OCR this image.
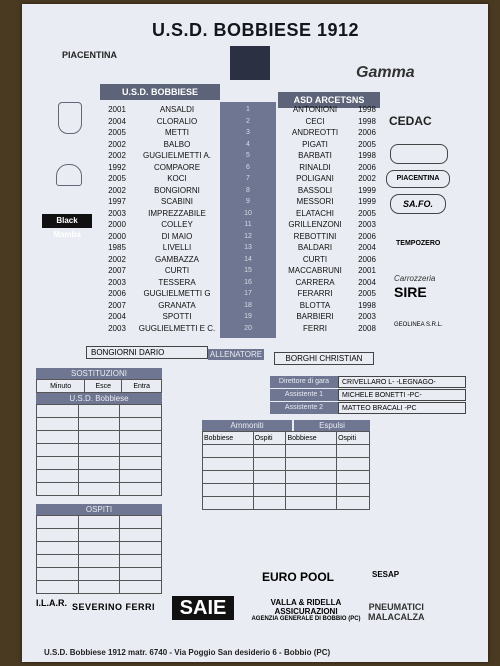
U.S.D. BOBBIESE 1912
PIACENTINA
Black Mamba
Gamma
CEDAC
PIACENTINA
SA.FO.
TEMPOZERO
Carrozzeria
SIRE
GEOLINEA S.R.L.
U.S.D. BOBBIESE
ASD ARCETSNS
2001	ANSALDI	1	ANTONIONI	1998
2004	CLORALIO	2	CECI	1998
2005	METTI	3	ANDREOTTI	2006
2002	BALBO	4	PIGATI	2005
2002	GUGLIELMETTI A.	5	BARBATI	1998
1992	COMPAORE	6	RINALDI	2006
2005	KOCI	7	POLIGANI	2002
2002	BONGIORNI	8	BASSOLI	1999
1997	SCABINI	9	MESSORI	1999
2003	IMPREZZABILE	10	ELATACHI	2005
2000	COLLEY	11	GRILLENZONI	2003
2000	DI MAIO	12	REBOTTINI	2006
1985	LIVELLI	13	BALDARI	2004
2002	GAMBAZZA	14	CURTI	2006
2007	CURTI	15	MACCABRUNI	2001
2003	TESSERA	16	CARRERA	2004
2006	GUGLIELMETTI G	17	FERARRI	2005
2007	GRANATA	18	BLOTTA	1998
2004	SPOTTI	19	BARBIERI	2003
2003	GUGLIELMETTI E C.	20	FERRI	2008
BONGIORNI DARIO	ALLENATORE	BORGHI CHRISTIAN
Direttore di gara	CRIVELLARO L- -LEGNAGO-
Assistente 1	MICHELE BONETTI -PC-
Assistente 2	MATTEO BRACALI -PC
SOSTITUZIONI
Minuto	Esce	Entra
U.S.D. Bobbiese

OSPITI

Ammoniti	Espulsi
Bobbiese	Ospiti	Bobbiese	Ospiti

I.L.A.R. SEVERINO FERRI	SAIE
EURO POOL	SESAP
VALLA & RIDELLA
ASSICURAZIONI
AGENZIA GENERALE DI BOBBIO (PC)
PNEUMATICI
MALACALZA
U.S.D. Bobbiese 1912 matr. 6740 - Via Poggio San desiderio 6 - Bobbio (PC)
